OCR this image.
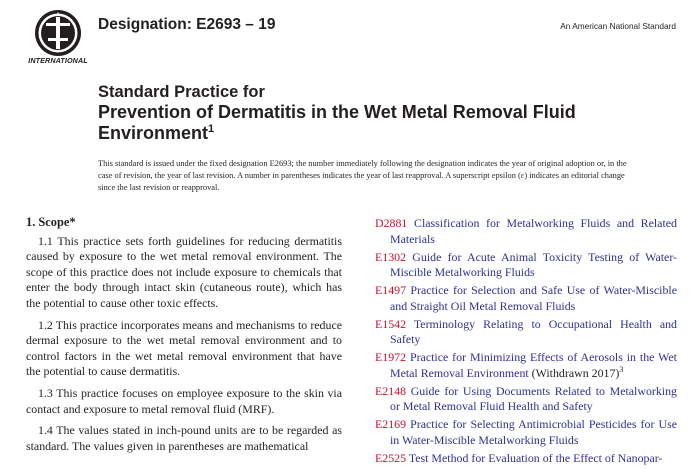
INTERNATIONAL
Designation: E2693 – 19	An American National Standard
Standard Practice for
Prevention of Dermatitis in the Wet Metal Removal Fluid
Environment$^1$
This standard is issued under the fixed designation E2693; the number immediately following the designation indicates the year of original adoption or, in the case of revision, the year of last revision. A number in parentheses indicates the year of last reapproval. A superscript epsilon (ε) indicates an editorial change since the last revision or reapproval.
1. Scope*
1.1 This practice sets forth guidelines for reducing dermatitis caused by exposure to the wet metal removal environment. The scope of this practice does not include exposure to chemicals that enter the body through intact skin (cutaneous route), which has the potential to cause other toxic effects.
1.2 This practice incorporates means and mechanisms to reduce dermal exposure to the wet metal removal environment and to control factors in the wet metal removal environment that have the potential to cause dermatitis.
1.3 This practice focuses on employee exposure to the skin via contact and exposure to metal removal fluid (MRF).
1.4 The values stated in inch-pound units are to be regarded as standard. The values given in parentheses are mathematical
D2881 Classification for Metalworking Fluids and Related Materials
E1302 Guide for Acute Animal Toxicity Testing of Water-Miscible Metalworking Fluids
E1497 Practice for Selection and Safe Use of Water-Miscible and Straight Oil Metal Removal Fluids
E1542 Terminology Relating to Occupational Health and Safety
E1972 Practice for Minimizing Effects of Aerosols in the Wet Metal Removal Environment (Withdrawn 2017)$^3$
E2148 Guide for Using Documents Related to Metalworking or Metal Removal Fluid Health and Safety
E2169 Practice for Selecting Antimicrobial Pesticides for Use in Water-Miscible Metalworking Fluids
E2525 Test Method for Evaluation of the Effect of Nanopar-
